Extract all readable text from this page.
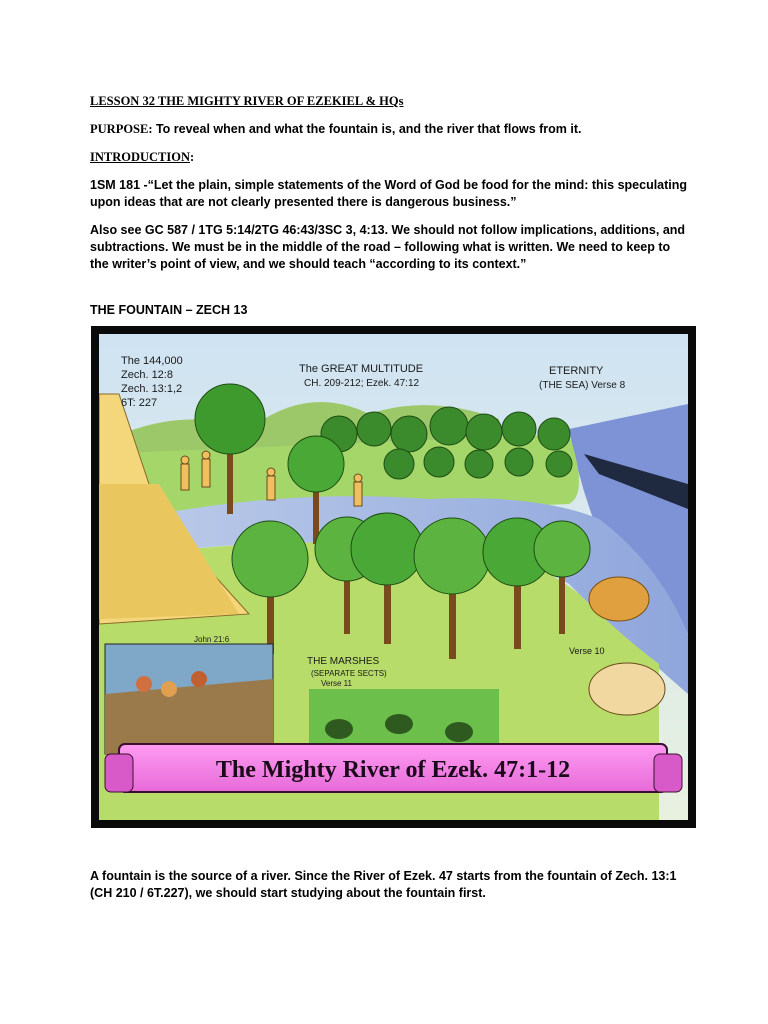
LESSON 32 THE MIGHTY RIVER OF EZEKIEL & HQs

PURPOSE: To reveal when and what the fountain is, and the river that flows from it.

INTRODUCTION:

1SM 181 -“Let the plain, simple statements of the Word of God be food for the mind: this speculating upon ideas that are not clearly presented there is dangerous business.”

Also see GC 587 / 1TG 5:14/2TG 46:43/3SC 3, 4:13. We should not follow implications, additions, and subtractions. We must be in the middle of the road – following what is written. We need to keep to the writer’s point of view, and we should teach “according to its context.”

THE FOUNTAIN – ZECH 13

The 144,000
Zech. 12:8
Zech. 13:1,2
6T: 227
The GREAT MULTITUDE
CH. 209-212; Ezek. 47:12
ETERNITY
(THE SEA) Verse 8
THE MARSHES
(SEPARATE SECTS)
Verse 11
Verse 10
John 21:6
The Mighty River of Ezek. 47:1-12

A fountain is the source of a river. Since the River of Ezek. 47 starts from the fountain of Zech. 13:1 (CH 210 / 6T.227), we should start studying about the fountain first.
